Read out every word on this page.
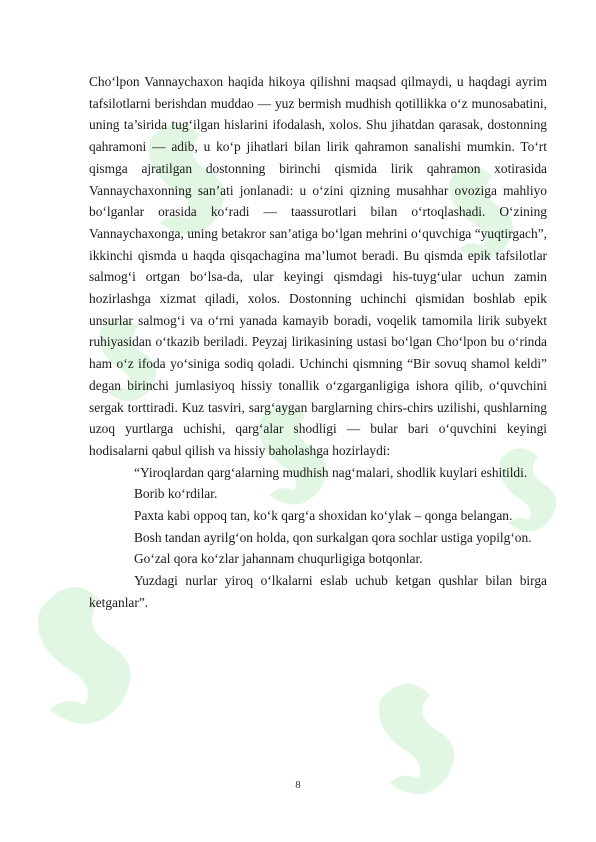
Cho‘lpon Vannaychaxon haqida hikoya qilishni maqsad qilmaydi, u haqdagi ayrim tafsilotlarni berishdan muddao — yuz bermish mudhish qotillikka o‘z munosabatini, uning ta’sirida tug‘ilgan hislarini ifodalash, xolos. Shu jihatdan qarasak, dostonning qahramoni — adib, u ko‘p jihatlari bilan lirik qahramon sanalishi mumkin. To‘rt qismga ajratilgan dostonning birinchi qismida lirik qahramon xotirasida Vannaychaxonning san’ati jonlanadi: u o‘zini qizning musahhar ovoziga mahliyo bo‘lganlar orasida ko‘radi — taassurotlari bilan o‘rtoqlashadi. O‘zining Vannaychaxonga, uning betakror san’atiga bo‘lgan mehrini o‘quvchiga “yuqtirgach”, ikkinchi qismda u haqda qisqachagina ma’lumot beradi. Bu qismda epik tafsilotlar salmog‘i ortgan bo‘lsa-da, ular keyingi qismdagi his-tuyg‘ular uchun zamin hozirlashga xizmat qiladi, xolos. Dostonning uchinchi qismidan boshlab epik unsurlar salmog‘i va o‘rni yanada kamayib boradi, voqelik tamomila lirik subyekt ruhiyasidan o‘tkazib beriladi. Peyzaj lirikasining ustasi bo‘lgan Cho‘lpon bu o‘rinda ham o‘z ifoda yo‘siniga sodiq qoladi. Uchinchi qismning “Bir sovuq shamol keldi” degan birinchi jumlasiyoq hissiy tonallik o‘zgarganligiga ishora qilib, o‘quvchini sergak torttiradi. Kuz tasviri, sarg‘aygan barglarning chirs-chirs uzilishi, qushlarning uzoq yurtlarga uchishi, qarg‘alar shodligi — bular bari o‘quvchini keyingi hodisalarni qabul qilish va hissiy baholashga hozirlaydi:

“Yiroqlardan qarg‘alarning mudhish nag‘malari, shodlik kuylari eshitildi.

Borib ko‘rdilar.

Paxta kabi oppoq tan, ko‘k qarg‘a shoxidan ko‘ylak – qonga belangan.

Bosh tandan ayrilg‘on holda, qon surkalgan qora sochlar ustiga yopilg‘on.

Go‘zal qora ko‘zlar jahannam chuqurligiga botqonlar.

Yuzdagi nurlar yiroq o‘lkalarni eslab uchub ketgan qushlar bilan birga ketganlar”.

8
